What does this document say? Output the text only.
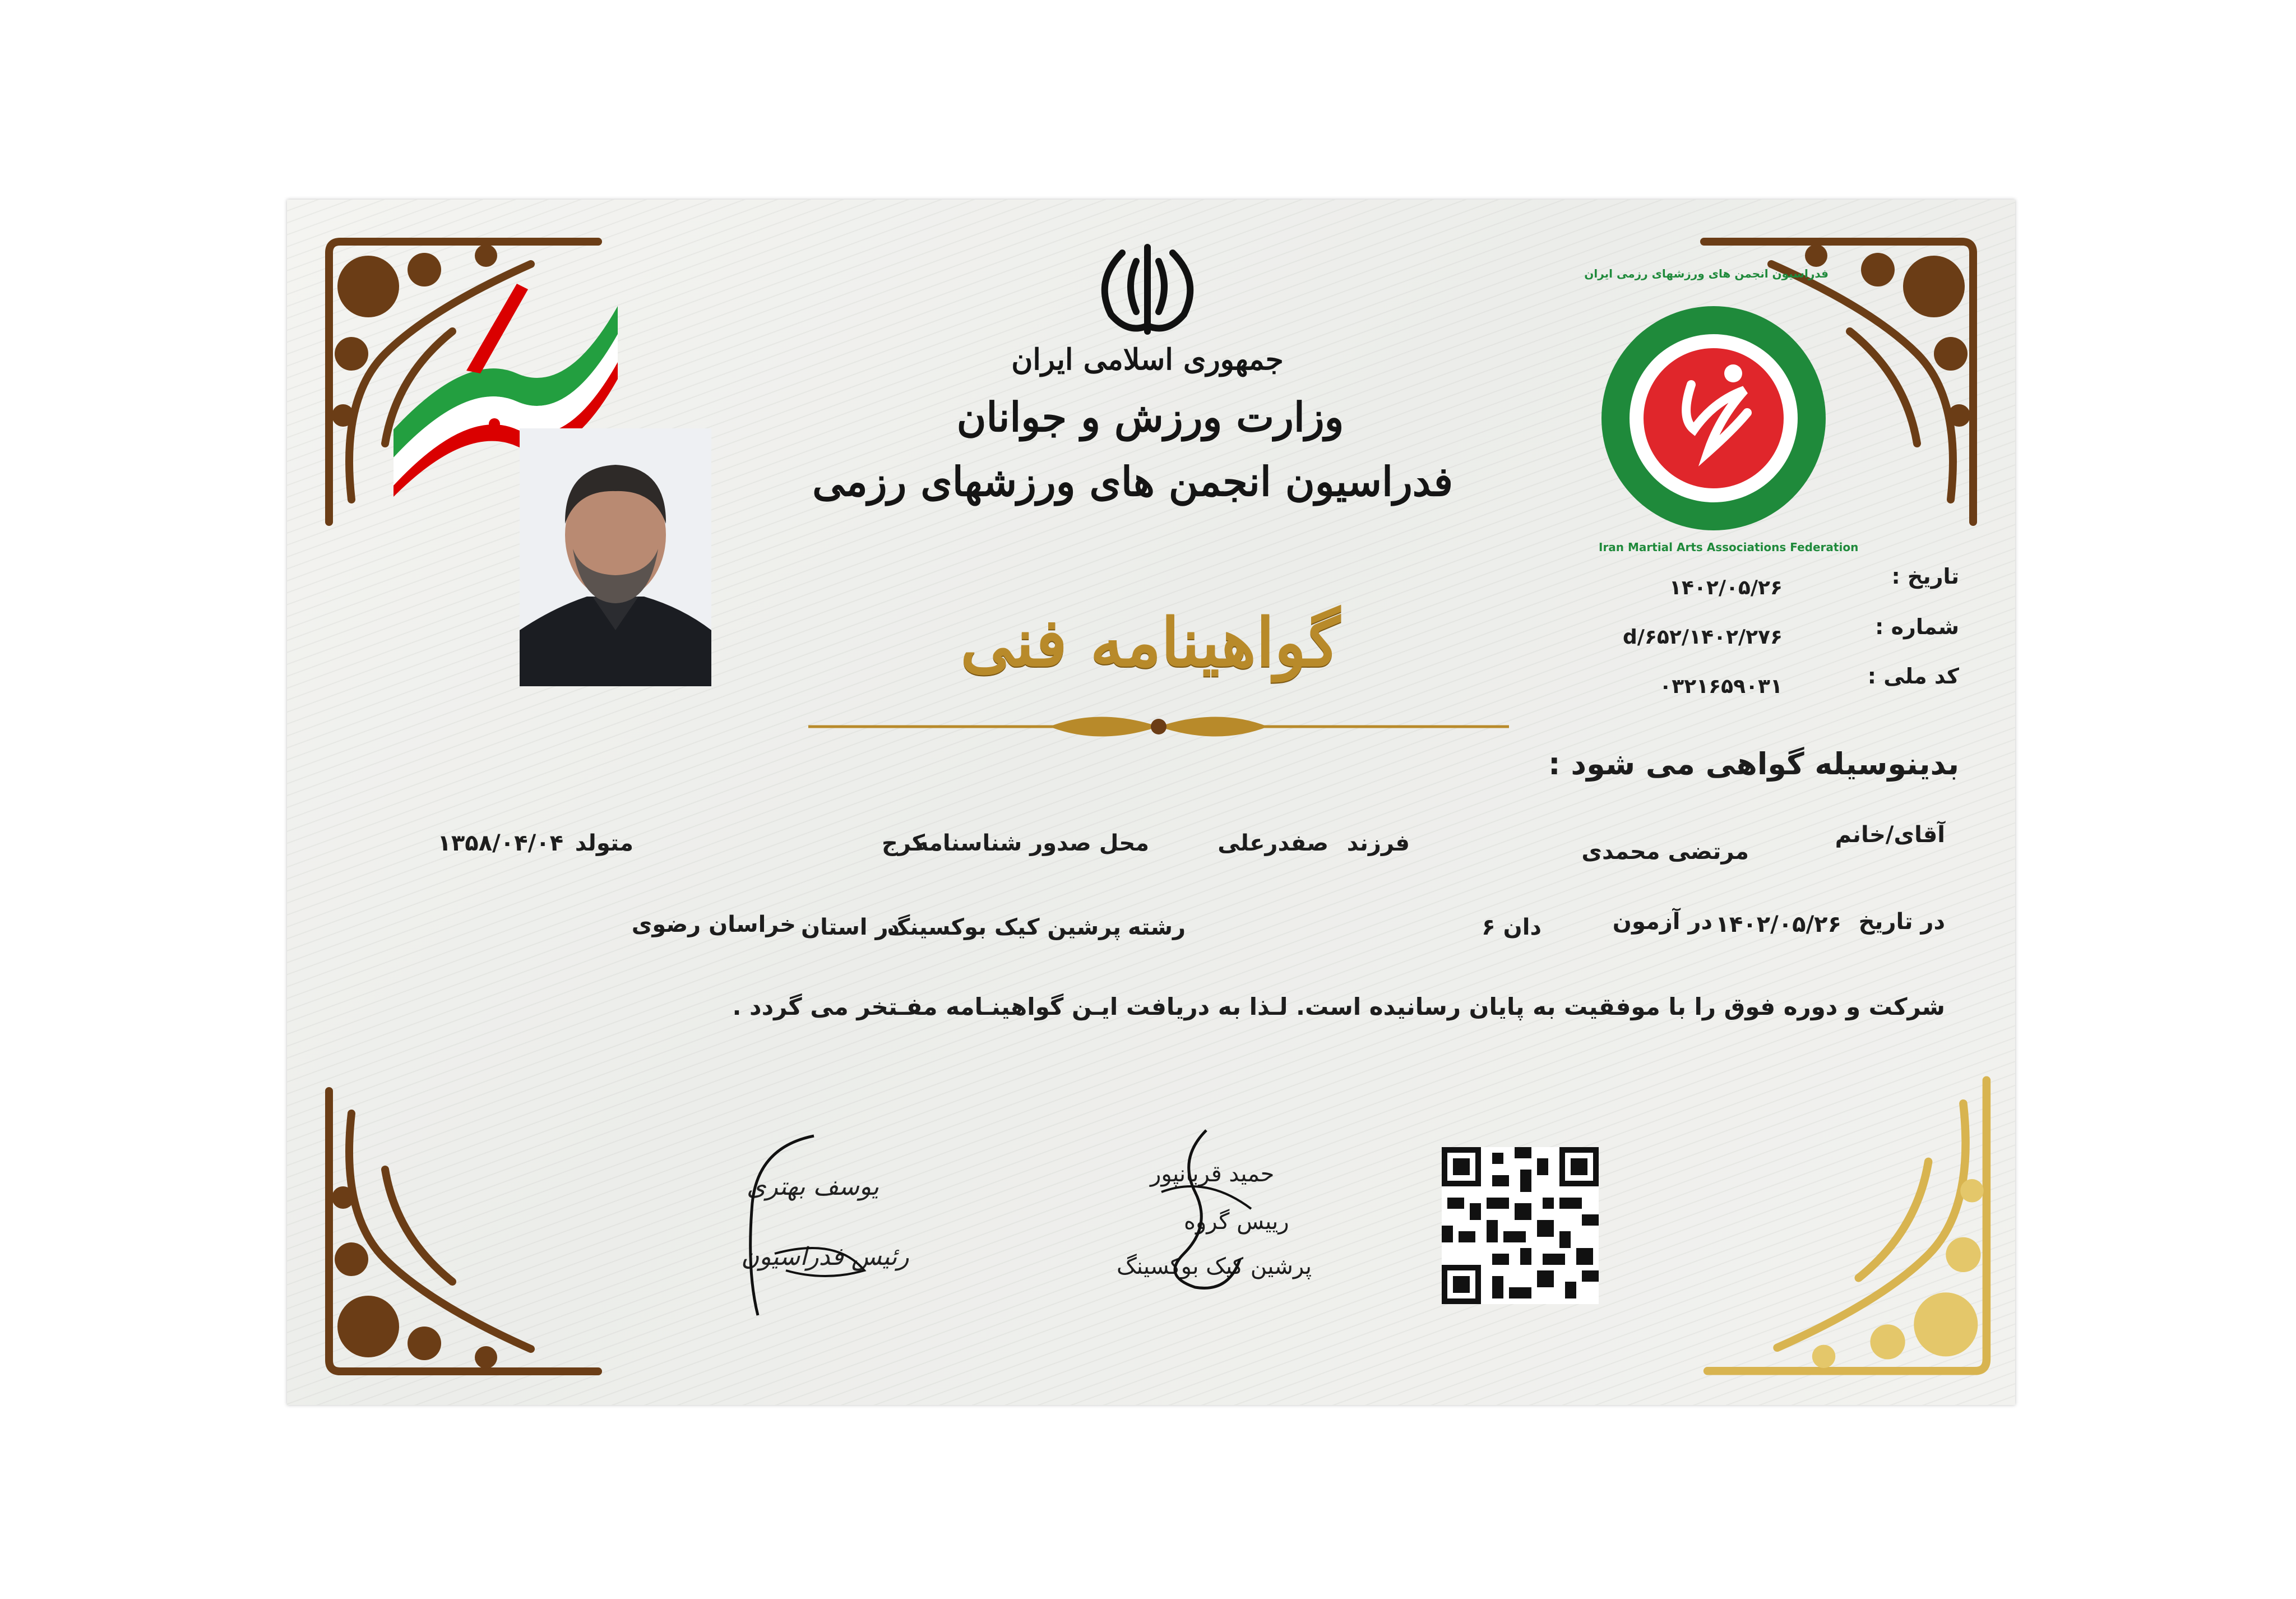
جمهوری اسلامی ایران
وزارت ورزش و جوانان
فدراسیون انجمن های ورزشهای رزمی
گواهینامه فنی
فدراسیون انجمن های ورزشهای رزمی ایران
Iran Martial Arts Associations Federation
تاریخ :
۱۴۰۲/۰۵/۲۶
شماره :
۱۴۰۲/۲۷۶/d/۶۵۲
کد ملی :
۰۳۲۱۶۵۹۰۳۱
بدینوسیله گواهی می شود :
آقای/خانم
مرتضی محمدی
فرزند
صفدرعلی
محل صدور شناسنامه
کرج
متولد
۱۳۵۸/۰۴/۰۴
در تاریخ
۱۴۰۲/۰۵/۲۶
در آزمون
دان ۶
رشته
پرشین کیک بوکسینگ
در استان
خراسان رضوی
شرکت و دوره فوق را با موفقیت به پایان رسانیده است. لـذا به دریافت ایـن گواهینـامه مفـتخر می گردد .
یوسف بهتری
رئیس فدراسیون
حمید قربانپور
رییس گروه
پرشین کیک بوکسینگ
